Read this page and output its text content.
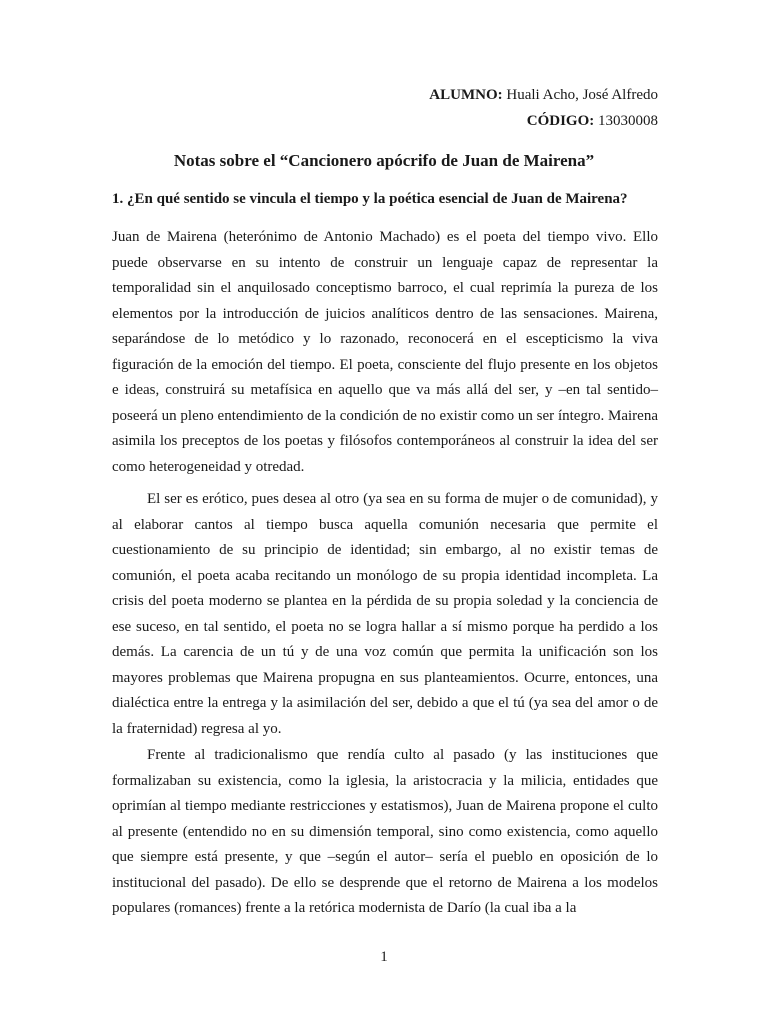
ALUMNO: Huali Acho, José Alfredo
CÓDIGO: 13030008
Notas sobre el “Cancionero apócrifo de Juan de Mairena”
1. ¿En qué sentido se vincula el tiempo y la poética esencial de Juan de Mairena?

Juan de Mairena (heterónimo de Antonio Machado) es el poeta del tiempo vivo. Ello puede observarse en su intento de construir un lenguaje capaz de representar la temporalidad sin el anquilosado conceptismo barroco, el cual reprimía la pureza de los elementos por la introducción de juicios analíticos dentro de las sensaciones. Mairena, separándose de lo metódico y lo razonado, reconocerá en el escepticismo la viva figuración de la emoción del tiempo. El poeta, consciente del flujo presente en los objetos e ideas, construirá su metafísica en aquello que va más allá del ser, y –en tal sentido– poseerá un pleno entendimiento de la condición de no existir como un ser íntegro. Mairena asimila los preceptos de los poetas y filósofos contemporáneos al construir la idea del ser como heterogeneidad y otredad.

El ser es erótico, pues desea al otro (ya sea en su forma de mujer o de comunidad), y al elaborar cantos al tiempo busca aquella comunión necesaria que permite el cuestionamiento de su principio de identidad; sin embargo, al no existir temas de comunión, el poeta acaba recitando un monólogo de su propia identidad incompleta. La crisis del poeta moderno se plantea en la pérdida de su propia soledad y la conciencia de ese suceso, en tal sentido, el poeta no se logra hallar a sí mismo porque ha perdido a los demás. La carencia de un tú y de una voz común que permita la unificación son los mayores problemas que Mairena propugna en sus planteamientos. Ocurre, entonces, una dialéctica entre la entrega y la asimilación del ser, debido a que el tú (ya sea del amor o de la fraternidad) regresa al yo.

Frente al tradicionalismo que rendía culto al pasado (y las instituciones que formalizaban su existencia, como la iglesia, la aristocracia y la milicia, entidades que oprimían al tiempo mediante restricciones y estatismos), Juan de Mairena propone el culto al presente (entendido no en su dimensión temporal, sino como existencia, como aquello que siempre está presente, y que –según el autor– sería el pueblo en oposición de lo institucional del pasado). De ello se desprende que el retorno de Mairena a los modelos populares (romances) frente a la retórica modernista de Darío (la cual iba a la

1
